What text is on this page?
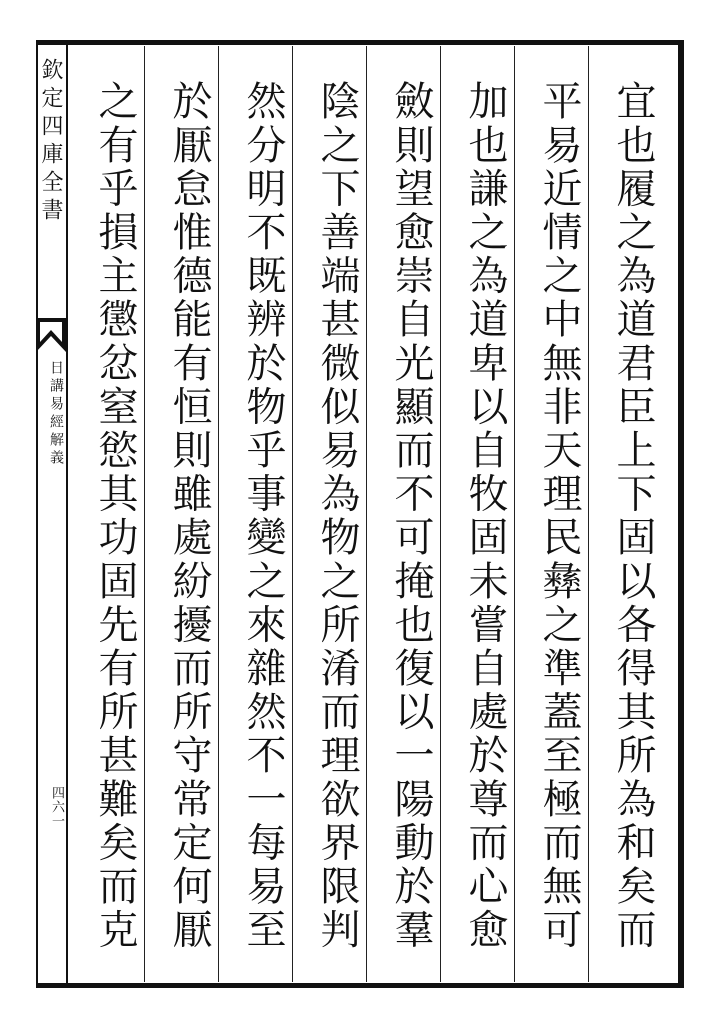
欽定四庫全書
日講易經解義
四六一	宜也履之為道君臣上下固以各得其所為和矣而
平易近情之中無非天理民彝之準蓋至極而無可
加也謙之為道卑以自牧固未嘗自處於尊而心愈
斂則望愈崇自光顯而不可掩也復以一陽動於羣
陰之下善端甚微似易為物之所淆而理欲界限判
然分明不既辨於物乎事變之來雜然不一每易至
於厭怠惟德能有恒則雖處紛擾而所守常定何厭
之有乎損主懲忿窒慾其功固先有所甚難矣而克
